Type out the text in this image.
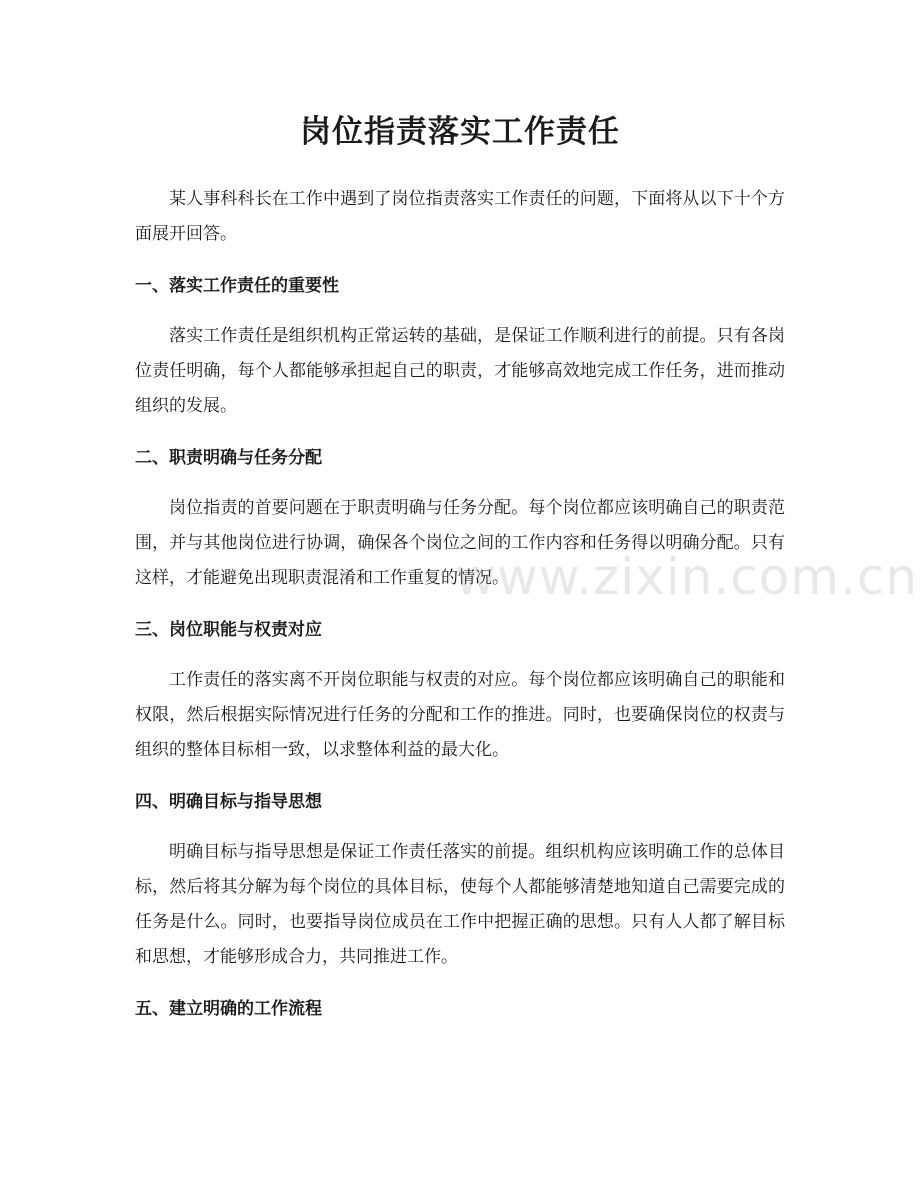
岗位指责落实工作责任

某人事科科长在工作中遇到了岗位指责落实工作责任的问题，下面将从以下十个方面展开回答。

一、落实工作责任的重要性

落实工作责任是组织机构正常运转的基础，是保证工作顺利进行的前提。只有各岗位责任明确，每个人都能够承担起自己的职责，才能够高效地完成工作任务，进而推动组织的发展。

二、职责明确与任务分配

岗位指责的首要问题在于职责明确与任务分配。每个岗位都应该明确自己的职责范围，并与其他岗位进行协调，确保各个岗位之间的工作内容和任务得以明确分配。只有这样，才能避免出现职责混淆和工作重复的情况。

三、岗位职能与权责对应

工作责任的落实离不开岗位职能与权责的对应。每个岗位都应该明确自己的职能和权限，然后根据实际情况进行任务的分配和工作的推进。同时，也要确保岗位的权责与组织的整体目标相一致，以求整体利益的最大化。

四、明确目标与指导思想

明确目标与指导思想是保证工作责任落实的前提。组织机构应该明确工作的总体目标，然后将其分解为每个岗位的具体目标，使每个人都能够清楚地知道自己需要完成的任务是什么。同时，也要指导岗位成员在工作中把握正确的思想。只有人人都了解目标和思想，才能够形成合力，共同推进工作。

五、建立明确的工作流程
www.zixin.com.cn
